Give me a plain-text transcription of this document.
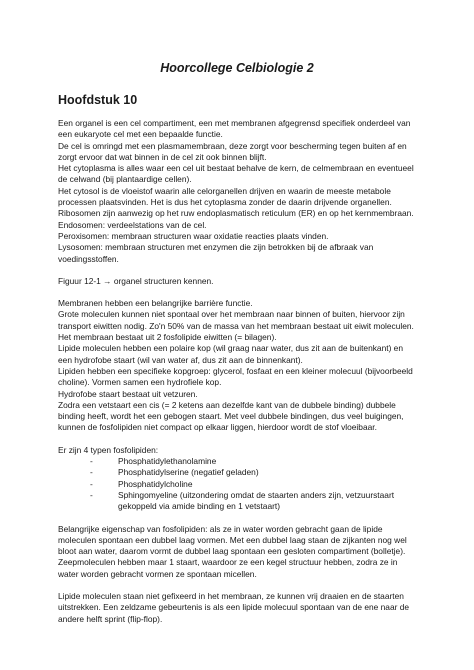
Hoorcollege Celbiologie 2
Hoofdstuk 10

Een organel is een cel compartiment, een met membranen afgegrensd specifiek onderdeel van een eukaryote cel met een bepaalde functie.

De cel is omringd met een plasmamembraan, deze zorgt voor bescherming tegen buiten af en zorgt ervoor dat wat binnen in de cel zit ook binnen blijft.

Het cytoplasma is alles waar een cel uit bestaat behalve de kern, de celmembraan en eventueel de celwand (bij plantaardige cellen).

Het cytosol is de vloeistof waarin alle celorganellen drijven en waarin de meeste metabole processen plaatsvinden. Het is dus het cytoplasma zonder de daarin drijvende organellen.

Ribosomen zijn aanwezig op het ruw endoplasmatisch reticulum (ER) en op het kernmembraan.

Endosomen: verdeelstations van de cel.

Peroxisomen: membraan structuren waar oxidatie reacties plaats vinden.

Lysosomen: membraan structuren met enzymen die zijn betrokken bij de afbraak van voedingsstoffen.

Figuur 12-1 → organel structuren kennen.

Membranen hebben een belangrijke barrière functie.

Grote moleculen kunnen niet spontaal over het membraan naar binnen of buiten, hiervoor zijn transport eiwitten nodig. Zo'n 50% van de massa van het membraan bestaat uit eiwit moleculen.

Het membraan bestaat uit 2 fosfolipide eiwitten (= bilagen).

Lipide moleculen hebben een polaire kop (wil graag naar water, dus zit aan de buitenkant) en een hydrofobe staart (wil van water af, dus zit aan de binnenkant).

Lipiden hebben een specifieke kopgroep: glycerol, fosfaat en een kleiner molecuul (bijvoorbeeld choline). Vormen samen een hydrofiele kop.

Hydrofobe staart bestaat uit vetzuren.

Zodra een vetstaart een cis (= 2 ketens aan dezelfde kant van de dubbele binding) dubbele binding heeft, wordt het een gebogen staart. Met veel dubbele bindingen, dus veel buigingen, kunnen de fosfolipiden niet compact op elkaar liggen, hierdoor wordt de stof vloeibaar.

Er zijn 4 typen fosfolipiden:

- Phosphatidylethanolamine
- Phosphatidylserine (negatief geladen)
- Phosphatidylcholine
- Sphingomyeline (uitzondering omdat de staarten anders zijn, vetzuurstaart gekoppeld via amide binding en 1 vetstaart)

Belangrijke eigenschap van fosfolipiden: als ze in water worden gebracht gaan de lipide moleculen spontaan een dubbel laag vormen. Met een dubbel laag staan de zijkanten nog wel bloot aan water, daarom vormt de dubbel laag spontaan een gesloten compartiment (bolletje).

Zeepmoleculen hebben maar 1 staart, waardoor ze een kegel structuur hebben, zodra ze in water worden gebracht vormen ze spontaan micellen.

Lipide moleculen staan niet gefixeerd in het membraan, ze kunnen vrij draaien en de staarten uitstrekken. Een zeldzame gebeurtenis is als een lipide molecuul spontaan van de ene naar de andere helft sprint (flip-flop).
